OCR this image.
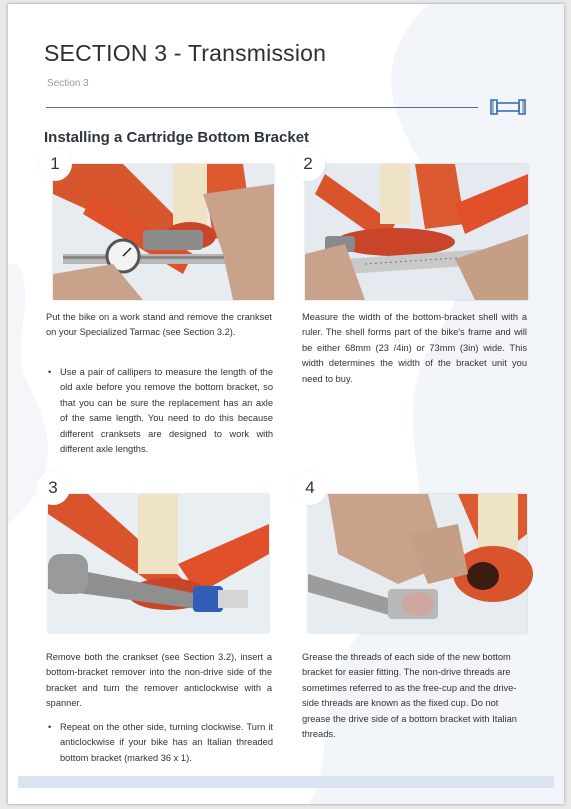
SECTION 3 - Transmission
Section 3
Installing a Cartridge Bottom Bracket
1	2

Put the bike on a work stand and remove the crankset on your Specialized Tarmac (see Section 3.2).

• Use a pair of callipers to measure the length of the old axle before you remove the bottom bracket, so that you can be sure the replacement has an axle of the same length. You need to do this because different cranksets are designed to work with different axle lengths.

Measure the width of the bottom-bracket shell with a ruler. The shell forms part of the bike's frame and will be either 68mm (23 /4in) or 73mm (3in) wide. This width determines the width of the bracket unit you need to buy.

3	4

Remove both the crankset (see Section 3.2), insert a bottom-bracket remover into the non-drive side of the bracket and turn the remover anticlockwise with a spanner.

• Repeat on the other side, turning clockwise. Turn it anticlockwise if your bike has an Italian threaded bottom bracket (marked 36 x 1).

Grease the threads of each side of the new bottom bracket for easier fitting. The non-drive threads are sometimes referred to as the free-cup and the drive-side threads are known as the fixed cup. Do not grease the drive side of a bottom bracket with Italian threads.
